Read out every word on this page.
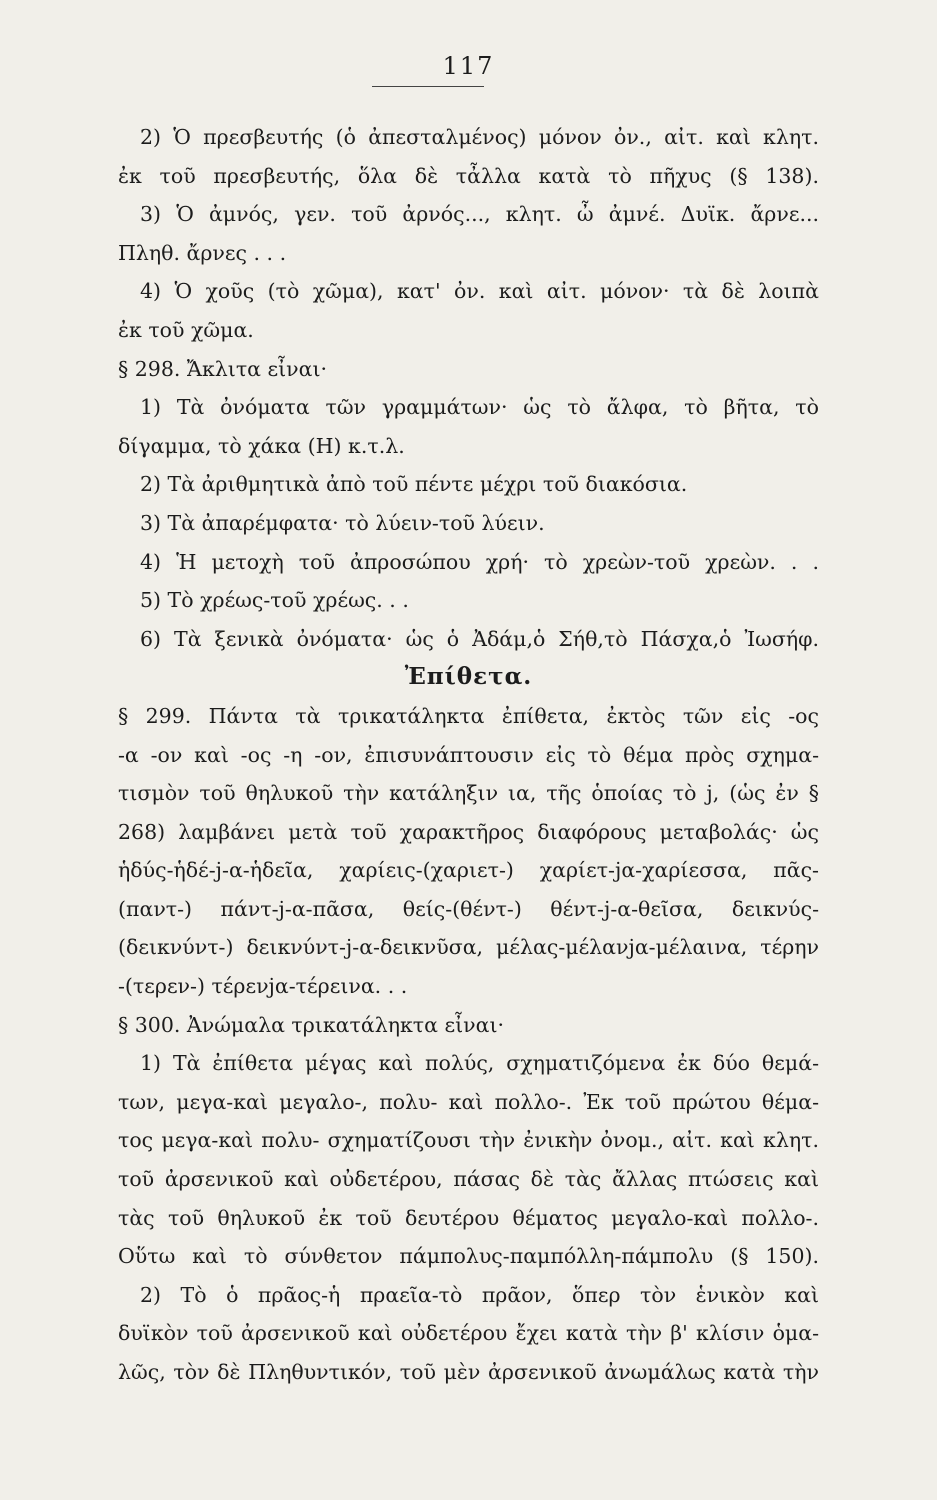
117
2) Ὁ πρεσβευτής (ὁ ἀπεσταλμένος) μόνον ὀν., αἰτ. καὶ κλητ.
ἐκ τοῦ πρεσβευτής, ὅλα δὲ τἆλλα κατὰ τὸ πῆχυς (§ 138).
3) Ὁ ἀμνός, γεν. τοῦ ἀρνός..., κλητ. ὦ ἀμνέ. Δυϊκ. ἄρνε...
Πληθ. ἄρνες . . .
4) Ὁ χοῦς (τὸ χῶμα), κατ' ὀν. καὶ αἰτ. μόνον· τὰ δὲ λοιπὰ
ἐκ τοῦ χῶμα.
§ 298. Ἄκλιτα εἶναι·
1) Τὰ ὀνόματα τῶν γραμμάτων· ὡς τὸ ἄλφα, τὸ βῆτα, τὸ
δίγαμμα, τὸ χάκα (Η) κ.τ.λ.
2) Τὰ ἀριθμητικὰ ἀπὸ τοῦ πέντε μέχρι τοῦ διακόσια.
3) Τὰ ἀπαρέμφατα· τὸ λύειν-τοῦ λύειν.
4) Ἡ μετοχὴ τοῦ ἀπροσώπου χρή· τὸ χρεὼν-τοῦ χρεὼν. . .
5) Τὸ χρέως-τοῦ χρέως. . .
6) Τὰ ξενικὰ ὀνόματα· ὡς ὁ Ἀδάμ,ὁ Σήθ,τὸ Πάσχα,ὁ Ἰωσήφ.
Ἐπίθετα.
§ 299. Πάντα τὰ τρικατάληκτα ἐπίθετα, ἐκτὸς τῶν εἰς -ος
-α -ον καὶ -ος -η -ον, ἐπισυνάπτουσιν εἰς τὸ θέμα πρὸς σχημα-
τισμὸν τοῦ θηλυκοῦ τὴν κατάληξιν ια, τῆς ὁποίας τὸ j, (ὡς ἐν §
268) λαμβάνει μετὰ τοῦ χαρακτῆρος διαφόρους μεταβολάς· ὡς
ἡδύς-ἡδέ-j-α-ἡδεῖα, χαρίεις-(χαριετ-) χαρίετ-jα-χαρίεσσα, πᾶς-
(παντ-) πάντ-j-α-πᾶσα, θείς-(θέντ-) θέντ-j-α-θεῖσα, δεικνύς-
(δεικνύντ-) δεικνύντ-j-α-δεικνῦσα, μέλας-μέλανjα-μέλαινα, τέρην
-(τερεν-) τέρενjα-τέρεινα. . .
§ 300. Ἀνώμαλα τρικατάληκτα εἶναι·
1) Τὰ ἐπίθετα μέγας καὶ πολύς, σχηματιζόμενα ἐκ δύο θεμά-
των, μεγα-καὶ μεγαλο-, πολυ- καὶ πολλο-. Ἐκ τοῦ πρώτου θέμα-
τος μεγα-καὶ πολυ- σχηματίζουσι τὴν ἐνικὴν ὀνομ., αἰτ. καὶ κλητ.
τοῦ ἀρσενικοῦ καὶ οὐδετέρου, πάσας δὲ τὰς ἄλλας πτώσεις καὶ
τὰς τοῦ θηλυκοῦ ἐκ τοῦ δευτέρου θέματος μεγαλο-καὶ πολλο-.
Οὕτω καὶ τὸ σύνθετον πάμπολυς-παμπόλλη-πάμπολυ (§ 150).
2) Τὸ ὁ πρᾶος-ἡ πραεῖα-τὸ πρᾶον, ὅπερ τὸν ἑνικὸν καὶ
δυϊκὸν τοῦ ἀρσενικοῦ καὶ οὐδετέρου ἔχει κατὰ τὴν β' κλίσιν ὁμα-
λῶς, τὸν δὲ Πληθυντικόν, τοῦ μὲν ἀρσενικοῦ ἀνωμάλως κατὰ τὴν
